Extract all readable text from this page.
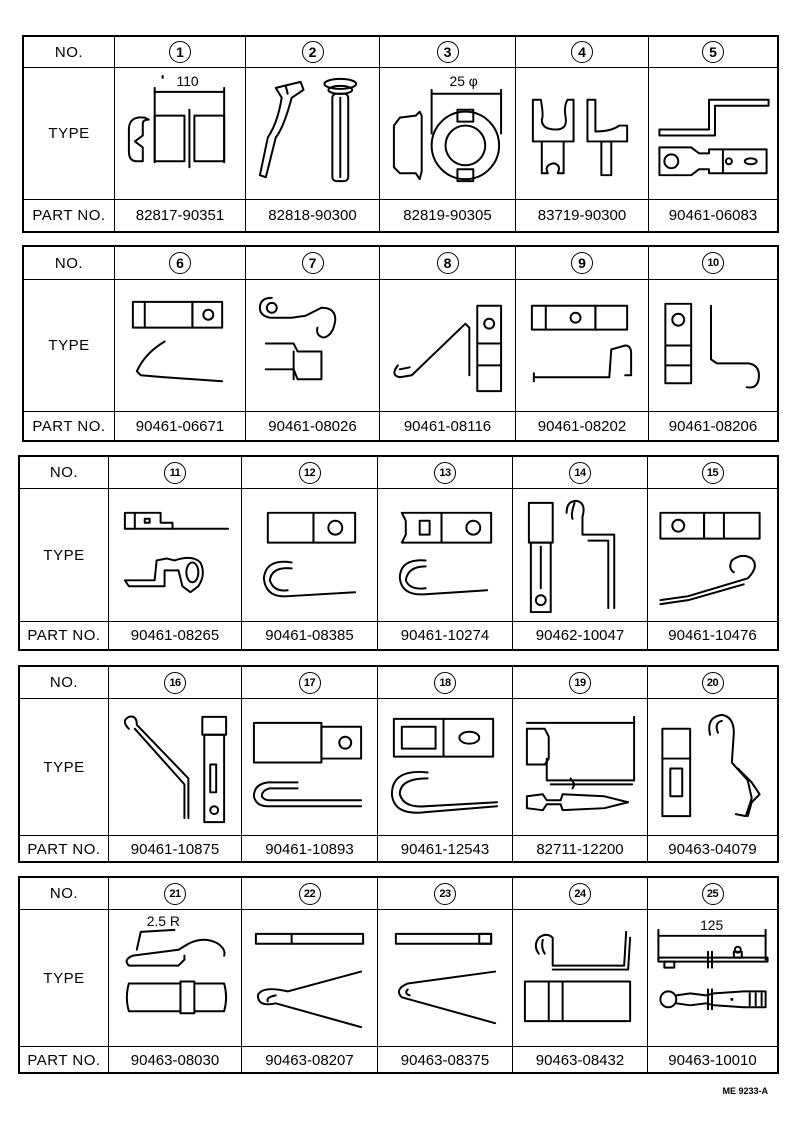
NO.	1	2	3	4	5
TYPE
110	25 φ
PART NO. 82817-90351	82818-90300	82819-90305	83719-90300	90461-06083
NO.	6	7	8	9	10
TYPE
PART NO. 90461-06671	90461-08026	90461-08116	90461-08202	90461-08206
NO.	11	12	13	14	15
TYPE
PART NO. 90461-08265	90461-08385	90461-10274	90462-10047	90461-10476
NO.	16	17	18	19	20
TYPE
PART NO. 90461-10875	90461-10893	90461-12543	82711-12200	90463-04079
NO.	21	22	23	24	25
TYPE
2.5 R	125
PART NO. 90463-08030	90463-08207	90463-08375	90463-08432	90463-10010
ME 9233-A
